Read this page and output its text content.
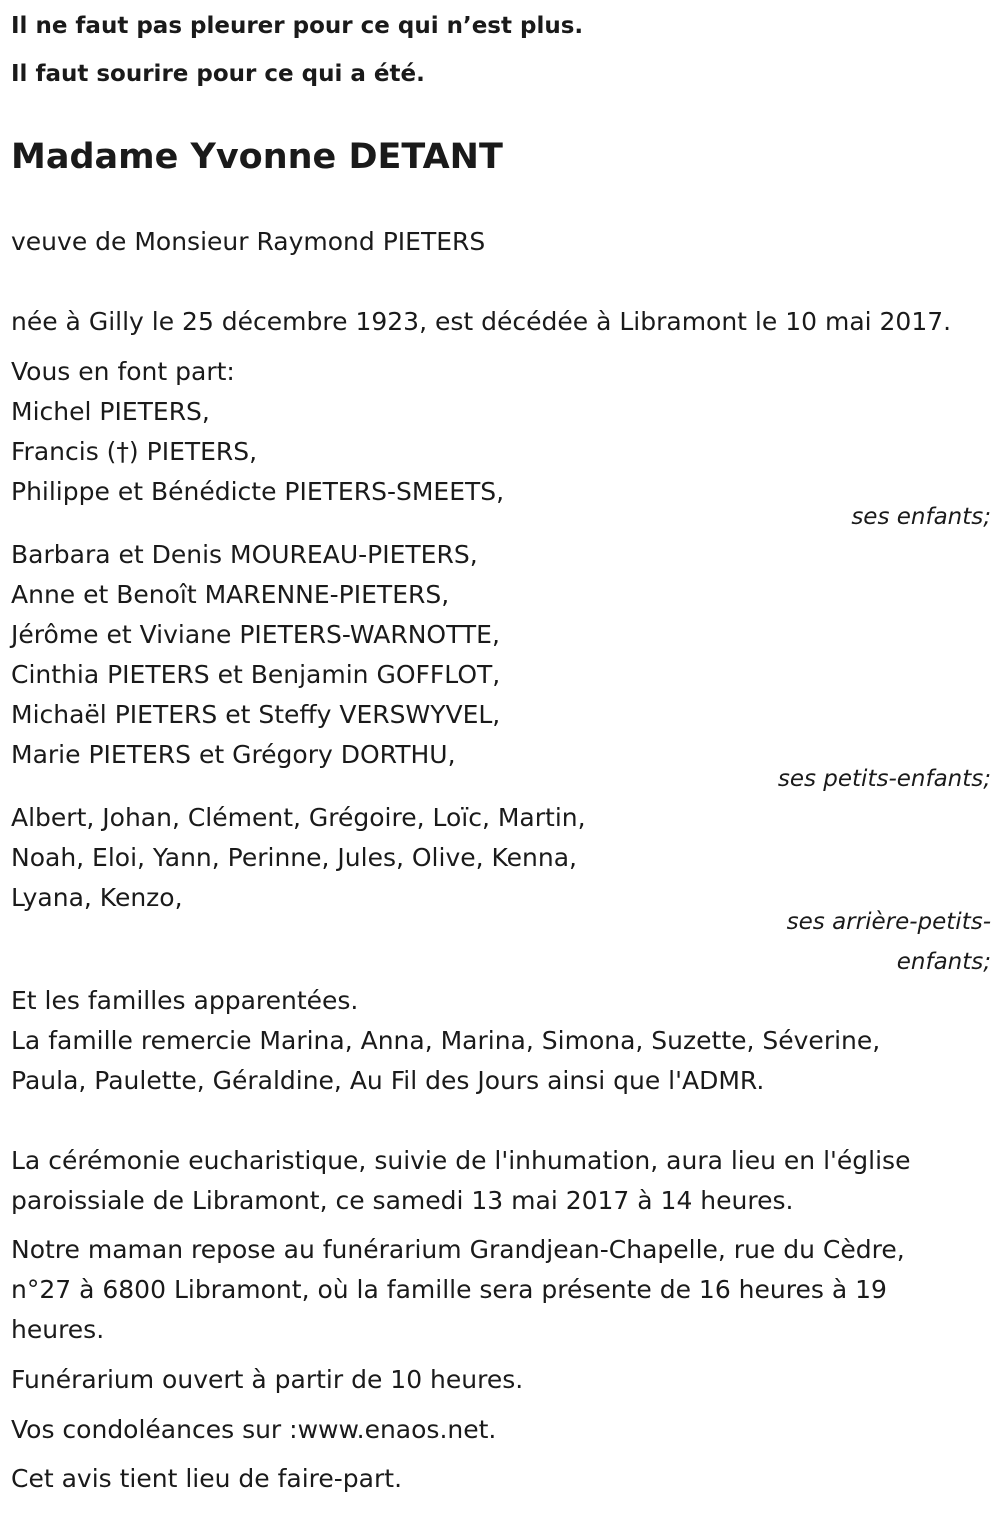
Il ne faut pas pleurer pour ce qui n’est plus.

Il faut sourire pour ce qui a été.

Madame Yvonne DETANT

veuve de Monsieur Raymond PIETERS

née à Gilly le 25 décembre 1923, est décédée à Libramont le 10 mai 2017.

Vous en font part:

Michel PIETERS,

Francis (†) PIETERS,

Philippe et Bénédicte PIETERS-SMEETS,

ses enfants;

Barbara et Denis MOUREAU-PIETERS,

Anne et Benoît MARENNE-PIETERS,

Jérôme et Viviane PIETERS-WARNOTTE,

Cinthia PIETERS et Benjamin GOFFLOT,

Michaël PIETERS et Steffy VERSWYVEL,

Marie PIETERS et Grégory DORTHU,

ses petits-enfants;

Albert, Johan, Clément, Grégoire, Loïc, Martin,

Noah, Eloi, Yann, Perinne, Jules, Olive, Kenna,

Lyana, Kenzo,

ses arrière-petits-
enfants;

Et les familles apparentées.

La famille remercie Marina, Anna, Marina, Simona, Suzette, Séverine,

Paula, Paulette, Géraldine, Au Fil des Jours ainsi que l'ADMR.

La cérémonie eucharistique, suivie de l'inhumation, aura lieu en l'église

paroissiale de Libramont, ce samedi 13 mai 2017 à 14 heures.

Notre maman repose au funérarium Grandjean-Chapelle, rue du Cèdre,

n°27 à 6800 Libramont, où la famille sera présente de 16 heures à 19

heures.

Funérarium ouvert à partir de 10 heures.

Vos condoléances sur :www.enaos.net.

Cet avis tient lieu de faire-part.
